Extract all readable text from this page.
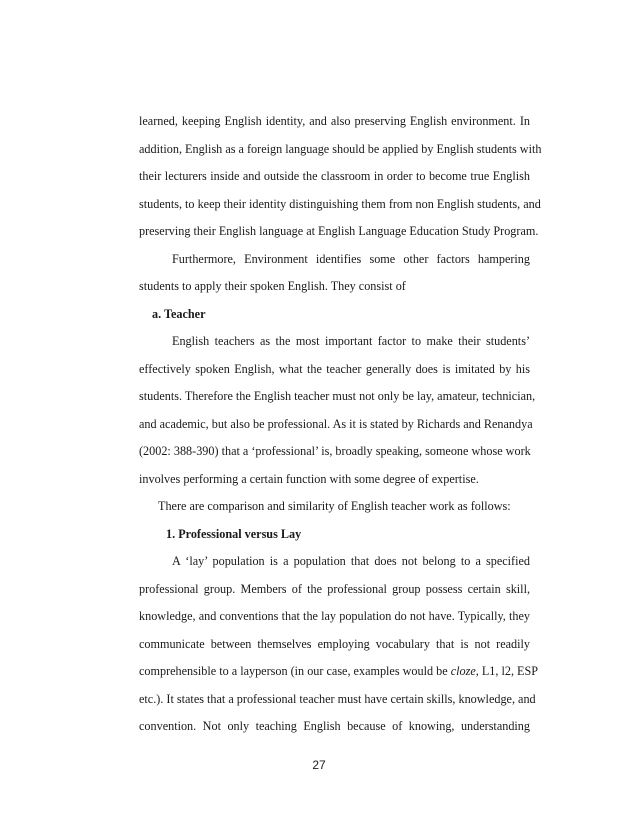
learned, keeping English identity, and also preserving English environment. In
addition, English as a foreign language should be applied by English students with
their lecturers inside and outside the classroom in order to become true English
students, to keep their identity distinguishing them from non English students, and
preserving their English language at English Language Education Study Program.
Furthermore, Environment identifies some other factors hampering
students to apply their spoken English. They consist of
a. Teacher
English teachers as the most important factor to make their students’
effectively spoken English, what the teacher generally does is imitated by his
students. Therefore the English teacher must not only be lay, amateur, technician,
and academic, but also be professional. As it is stated by Richards and Renandya
(2002: 388-390) that a ‘professional’ is, broadly speaking, someone whose work
involves performing a certain function with some degree of expertise.
There are comparison and similarity of English teacher work as follows:
1. Professional versus Lay
A ‘lay’ population is a population that does not belong to a specified
professional group. Members of the professional group possess certain skill,
knowledge, and conventions that the lay population do not have. Typically, they
communicate between themselves employing vocabulary that is not readily
comprehensible to a layperson (in our case, examples would be cloze, L1, l2, ESP
etc.). It states that a professional teacher must have certain skills, knowledge, and
convention. Not only teaching English because of knowing, understanding
27
